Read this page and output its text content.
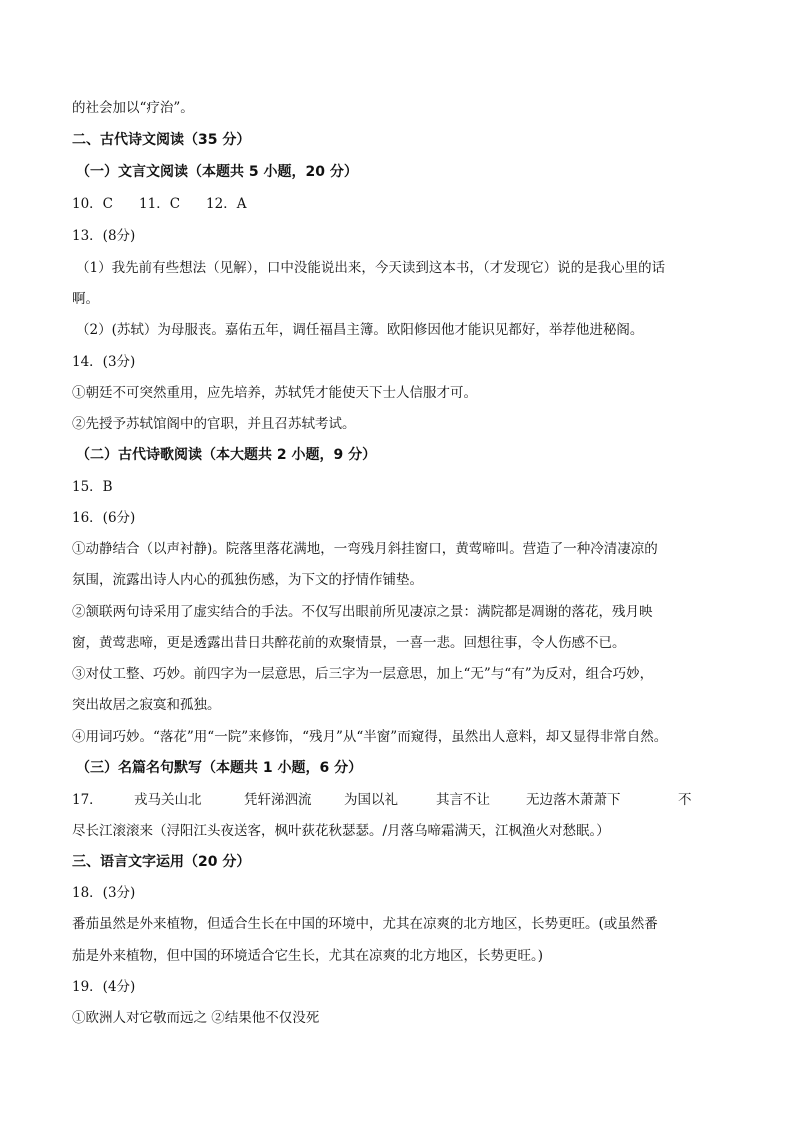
的社会加以“疗治”。
二、古代诗文阅读（35 分）
（一）文言文阅读（本题共 5 小题，20 分）
10．C 11．C 12．A
13．(8分)
（1）我先前有些想法（见解），口中没能说出来，今天读到这本书，（才发现它）说的是我心里的话
啊。
（2）(苏轼）为母服丧。嘉佑五年，调任福昌主簿。欧阳修因他才能识见都好，举荐他进秘阁。
14．(3分)
①朝廷不可突然重用，应先培养，苏轼凭才能使天下士人信服才可。
②先授予苏轼馆阁中的官职，并且召苏轼考试。
（二）古代诗歌阅读（本大题共 2 小题，9 分）
15．B
16．(6分)
①动静结合（以声衬静)。院落里落花满地，一弯残月斜挂窗口，黄莺啼叫。营造了一种冷清凄凉的
氛围，流露出诗人内心的孤独伤感，为下文的抒情作铺垫。
②颔联两句诗采用了虚实结合的手法。不仅写出眼前所见凄凉之景：满院都是凋谢的落花，残月映
窗，黄莺悲啼，更是透露出昔日共醉花前的欢聚情景，一喜一悲。回想往事，令人伤感不已。
③对仗工整、巧妙。前四字为一层意思，后三字为一层意思，加上“无”与“有”为反对，组合巧妙，
突出故居之寂寞和孤独。
④用词巧妙。“落花”用“一院”来修饰，“残月”从“半窗”而窥得，虽然出人意料，却又显得非常自然。
（三）名篇名句默写（本题共 1 小题，6 分）
17． 戎马关山北	凭轩涕泗流 为国以礼	其言不让	无边落木萧萧下	不
尽长江滚滚来（浔阳江头夜送客，枫叶荻花秋瑟瑟。/月落乌啼霜满天，江枫渔火对愁眠。）
三、语言文字运用（20 分）
18．(3分)
番茄虽然是外来植物，但适合生长在中国的环境中，尤其在凉爽的北方地区，长势更旺。(或虽然番
茄是外来植物，但中国的环境适合它生长，尤其在凉爽的北方地区，长势更旺。)
19．(4分)
①欧洲人对它敬而远之 ②结果他不仅没死
